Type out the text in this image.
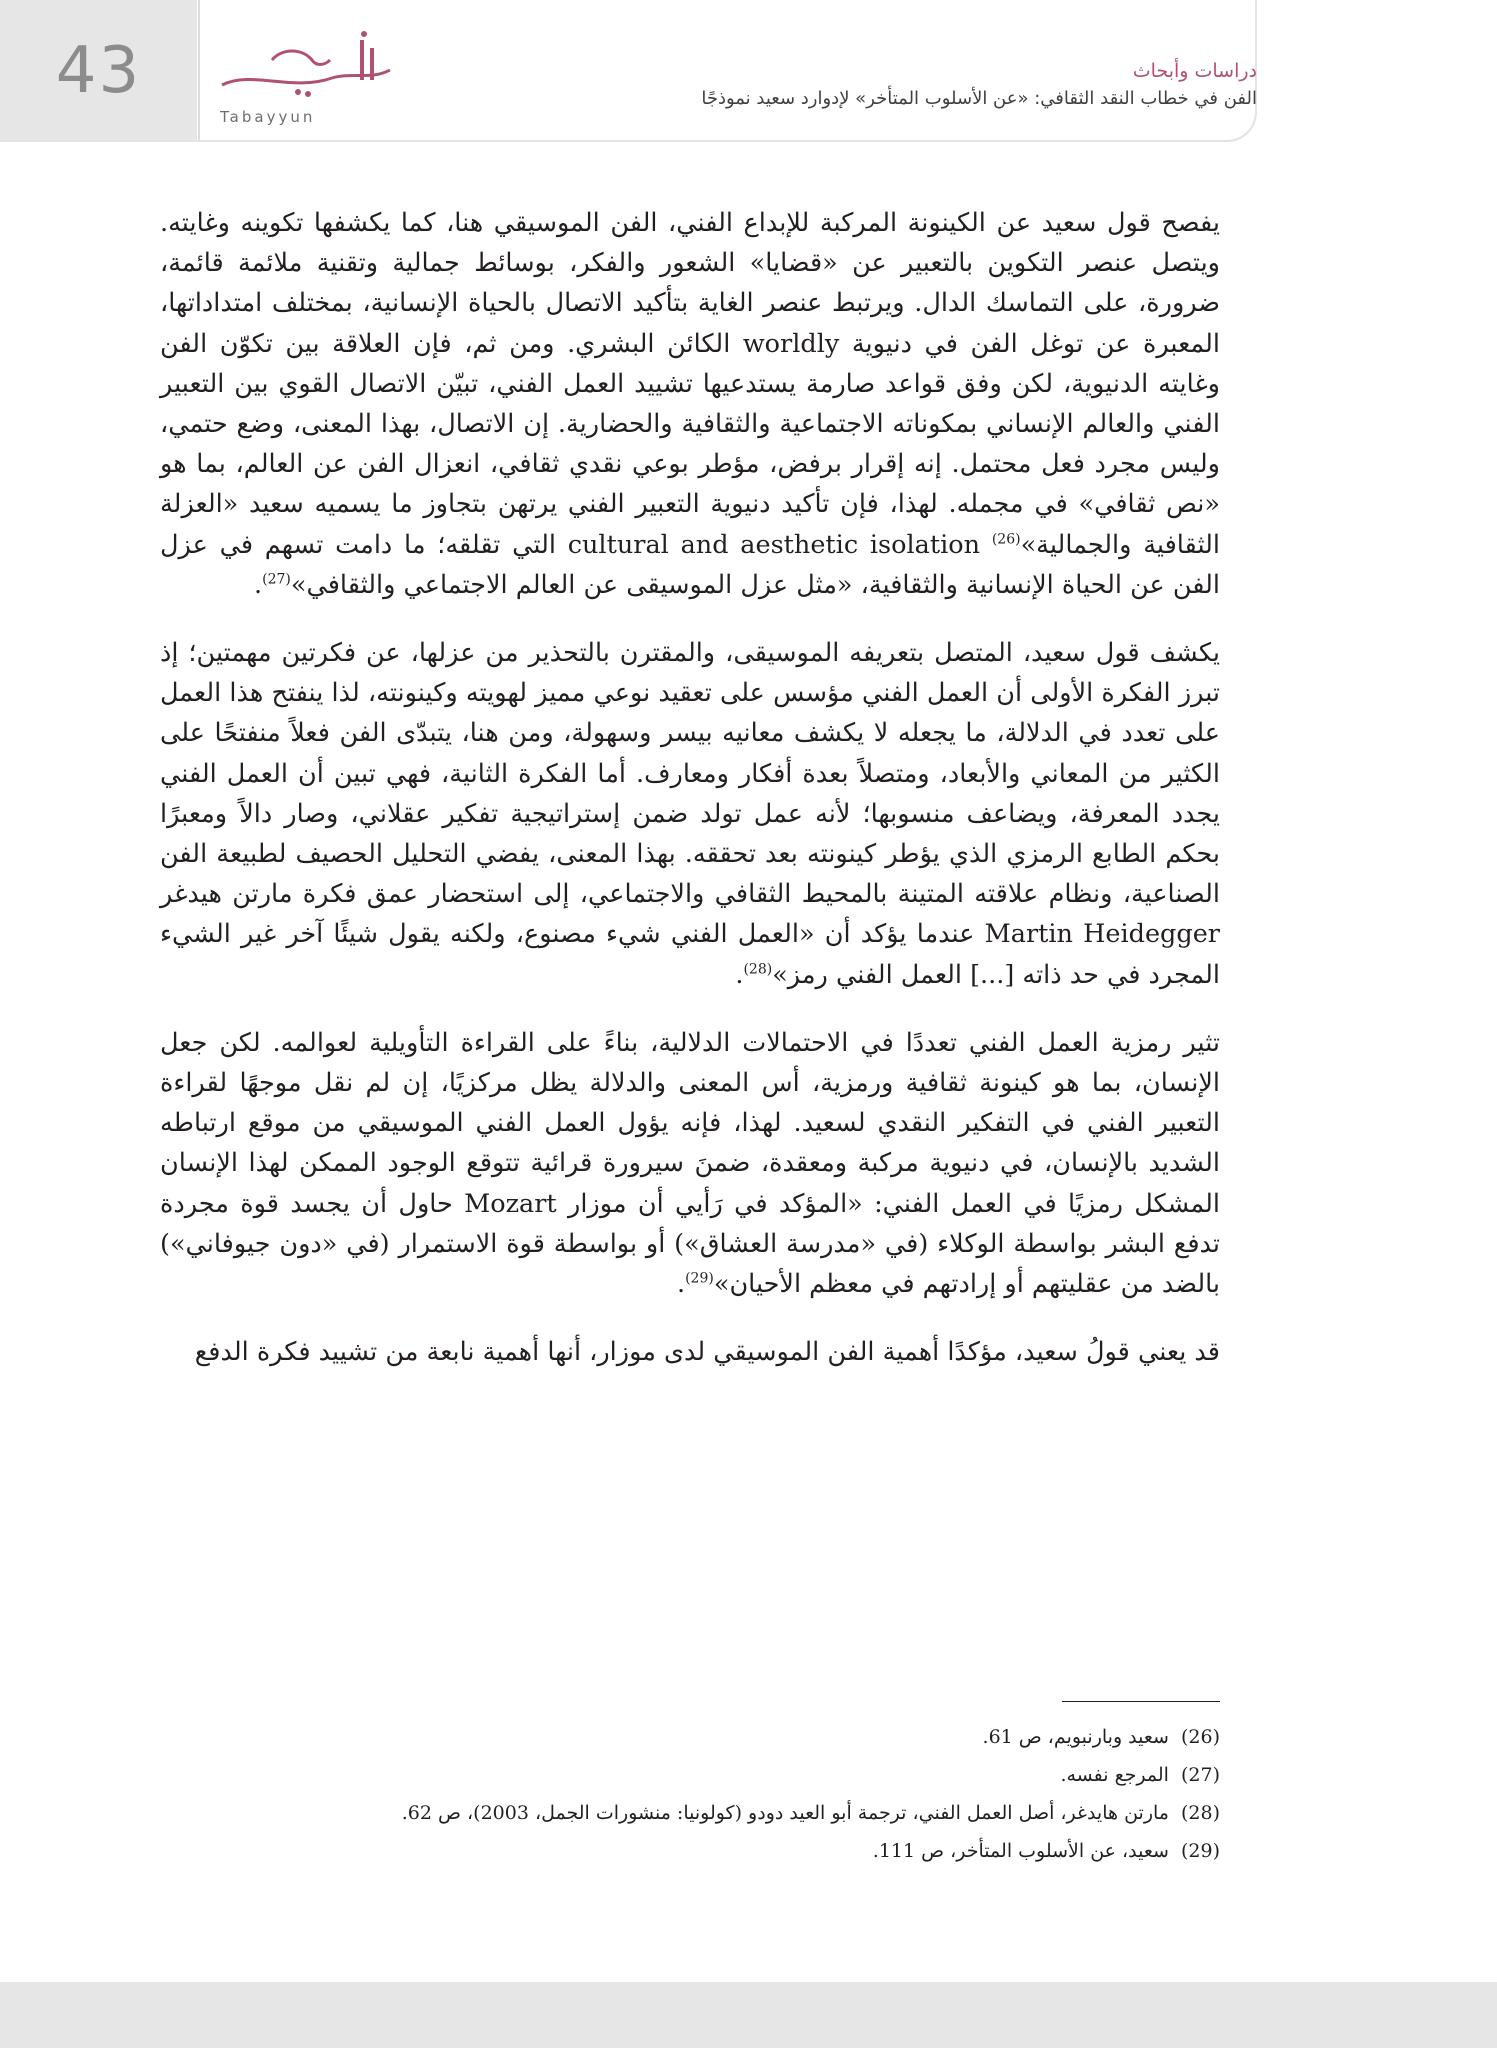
43
Tabayyun
دراسات وأبحاث
الفن في خطاب النقد الثقافي: «عن الأسلوب المتأخر» لإدوارد سعيد نموذجًا

يفصح قول سعيد عن الكينونة المركبة للإبداع الفني، الفن الموسيقي هنا، كما يكشفها تكوينه وغايته. ويتصل عنصر التكوين بالتعبير عن «قضايا» الشعور والفكر، بوسائط جمالية وتقنية ملائمة قائمة، ضرورة، على التماسك الدال. ويرتبط عنصر الغاية بتأكيد الاتصال بالحياة الإنسانية، بمختلف امتداداتها، المعبرة عن توغل الفن في دنيوية worldly الكائن البشري. ومن ثم، فإن العلاقة بين تكوّن الفن وغايته الدنيوية، لكن وفق قواعد صارمة يستدعيها تشييد العمل الفني، تبيّن الاتصال القوي بين التعبير الفني والعالم الإنساني بمكوناته الاجتماعية والثقافية والحضارية. إن الاتصال، بهذا المعنى، وضع حتمي، وليس مجرد فعل محتمل. إنه إقرار برفض، مؤطر بوعي نقدي ثقافي، انعزال الفن عن العالم، بما هو «نص ثقافي» في مجمله. لهذا، فإن تأكيد دنيوية التعبير الفني يرتهن بتجاوز ما يسميه سعيد «العزلة الثقافية والجمالية»$^{(26)}$ cultural and aesthetic isolation التي تقلقه؛ ما دامت تسهم في عزل الفن عن الحياة الإنسانية والثقافية، «مثل عزل الموسيقى عن العالم الاجتماعي والثقافي»$^{(27)}$.

يكشف قول سعيد، المتصل بتعريفه الموسيقى، والمقترن بالتحذير من عزلها، عن فكرتين مهمتين؛ إذ تبرز الفكرة الأولى أن العمل الفني مؤسس على تعقيد نوعي مميز لهويته وكينونته، لذا ينفتح هذا العمل على تعدد في الدلالة، ما يجعله لا يكشف معانيه بيسر وسهولة، ومن هنا، يتبدّى الفن فعلاً منفتحًا على الكثير من المعاني والأبعاد، ومتصلاً بعدة أفكار ومعارف. أما الفكرة الثانية، فهي تبين أن العمل الفني يجدد المعرفة، ويضاعف منسوبها؛ لأنه عمل تولد ضمن إستراتيجية تفكير عقلاني، وصار دالاً ومعبرًا بحكم الطابع الرمزي الذي يؤطر كينونته بعد تحققه. بهذا المعنى، يفضي التحليل الحصيف لطبيعة الفن الصناعية، ونظام علاقته المتينة بالمحيط الثقافي والاجتماعي، إلى استحضار عمق فكرة مارتن هيدغر Martin Heidegger عندما يؤكد أن «العمل الفني شيء مصنوع، ولكنه يقول شيئًا آخر غير الشيء المجرد في حد ذاته [...] العمل الفني رمز»$^{(28)}$.

تثير رمزية العمل الفني تعددًا في الاحتمالات الدلالية، بناءً على القراءة التأويلية لعوالمه. لكن جعل الإنسان، بما هو كينونة ثقافية ورمزية، أس المعنى والدلالة يظل مركزيًا، إن لم نقل موجهًا لقراءة التعبير الفني في التفكير النقدي لسعيد. لهذا، فإنه يؤول العمل الفني الموسيقي من موقع ارتباطه الشديد بالإنسان، في دنيوية مركبة ومعقدة، ضمنَ سيرورة قرائية تتوقع الوجود الممكن لهذا الإنسان المشكل رمزيًا في العمل الفني: «المؤكد في رَأيي أن موزار Mozart حاول أن يجسد قوة مجردة تدفع البشر بواسطة الوكلاء (في «مدرسة العشاق») أو بواسطة قوة الاستمرار (في «دون جيوفاني») بالضد من عقليتهم أو إرادتهم في معظم الأحيان»$^{(29)}$.

قد يعني قولُ سعيد، مؤكدًا أهمية الفن الموسيقي لدى موزار، أنها أهمية نابعة من تشييد فكرة الدفع

(26)سعيد وبارنبويم، ص 61.

(27)المرجع نفسه.

(28)مارتن هايدغر، أصل العمل الفني، ترجمة أبو العيد دودو (كولونيا: منشورات الجمل، 2003)، ص 62.

(29)سعيد، عن الأسلوب المتأخر، ص 111.
